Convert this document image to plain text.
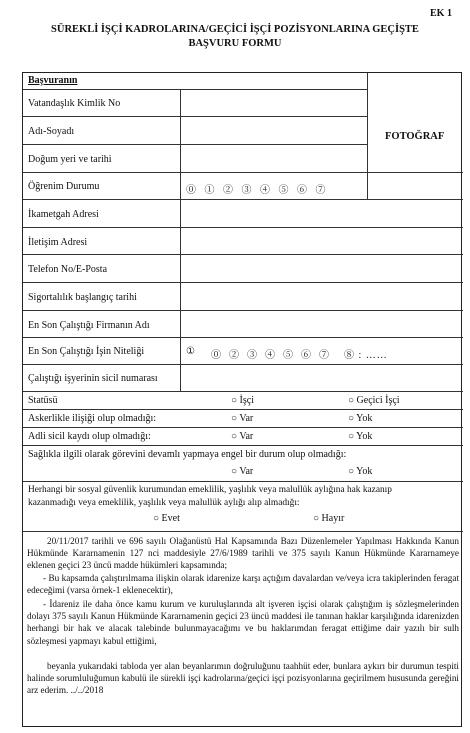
EK 1
SÜREKLİ İŞÇİ KADROLARINA/GEÇİCİ İŞÇİ POZİSYONLARINA GEÇİŞTE
BAŞVURU FORMU
FOTOĞRAF
Başvuranın
Vatandaşlık Kimlik No
Adı-Soyadı
Doğum yeri ve tarihi
Öğrenim Durumu	⓪ ① ② ③ ④ ⑤ ⑥ ⑦
İkametgah Adresi
İletişim Adresi
Telefon No/E-Posta
Sigortalılık başlangıç tarihi
En Son Çalıştığı Firmanın Adı
En Son Çalıştığı İşin Niteliği	① ⓪  ②  ③  ④  ⑤  ⑥  ⑦    ⑧ : ……
Çalıştığı işyerinin sicil numarası
Statüsü	○ İşçi	○ Geçici İşçi
Askerlikle ilişiği olup olmadığı:	○ Var	○ Yok
Adli sicil kaydı olup olmadığı:	○ Var	○ Yok
Sağlıkla ilgili olarak görevini devamlı yapmaya engel bir durum olup olmadığı:
○ Var	○ Yok
Herhangi bir sosyal güvenlik kurumundan emeklilik, yaşlılık veya malullük aylığına hak kazanıp
kazanmadığı veya emeklilik, yaşlılık veya malullük aylığı alıp almadığı:
○ Evet	○ Hayır
20/11/2017 tarihli ve 696 sayılı Olağanüstü Hal Kapsamında Bazı Düzenlemeler Yapılması Hakkında Kanun Hükmünde Kararnamenin 127 nci maddesiyle 27/6/1989 tarihli ve 375 sayılı Kanun Hükmünde Kararnameye eklenen geçici 23 üncü madde hükümleri kapsamında;
- Bu kapsamda çalıştırılmama ilişkin olarak idarenize karşı açtığım davalardan ve/veya icra takiplerinden feragat edeceğimi (varsa örnek-1 eklenecektir),
- İdareniz ile daha önce kamu kurum ve kuruluşlarında alt işveren işçisi olarak çalıştığım iş sözleşmelerinden dolayı 375 sayılı Kanun Hükmünde Kararnamenin geçici 23 üncü maddesi ile tanınan haklar karşılığında idarenizden herhangi bir hak ve alacak talebinde bulunmayacağımı ve bu haklarımdan feragat ettiğime dair yazılı bir sulh sözleşmesi yapmayı kabul ettiğimi,
beyanla yukarıdaki tabloda yer alan beyanlarımın doğruluğunu taahhüt eder, bunlara aykırı bir durumun tespiti halinde sorumluluğumun kabulü ile sürekli işçi kadrolarına/geçici işçi pozisyonlarına geçirilmem hususunda gereğini arz ederim. ../../2018
